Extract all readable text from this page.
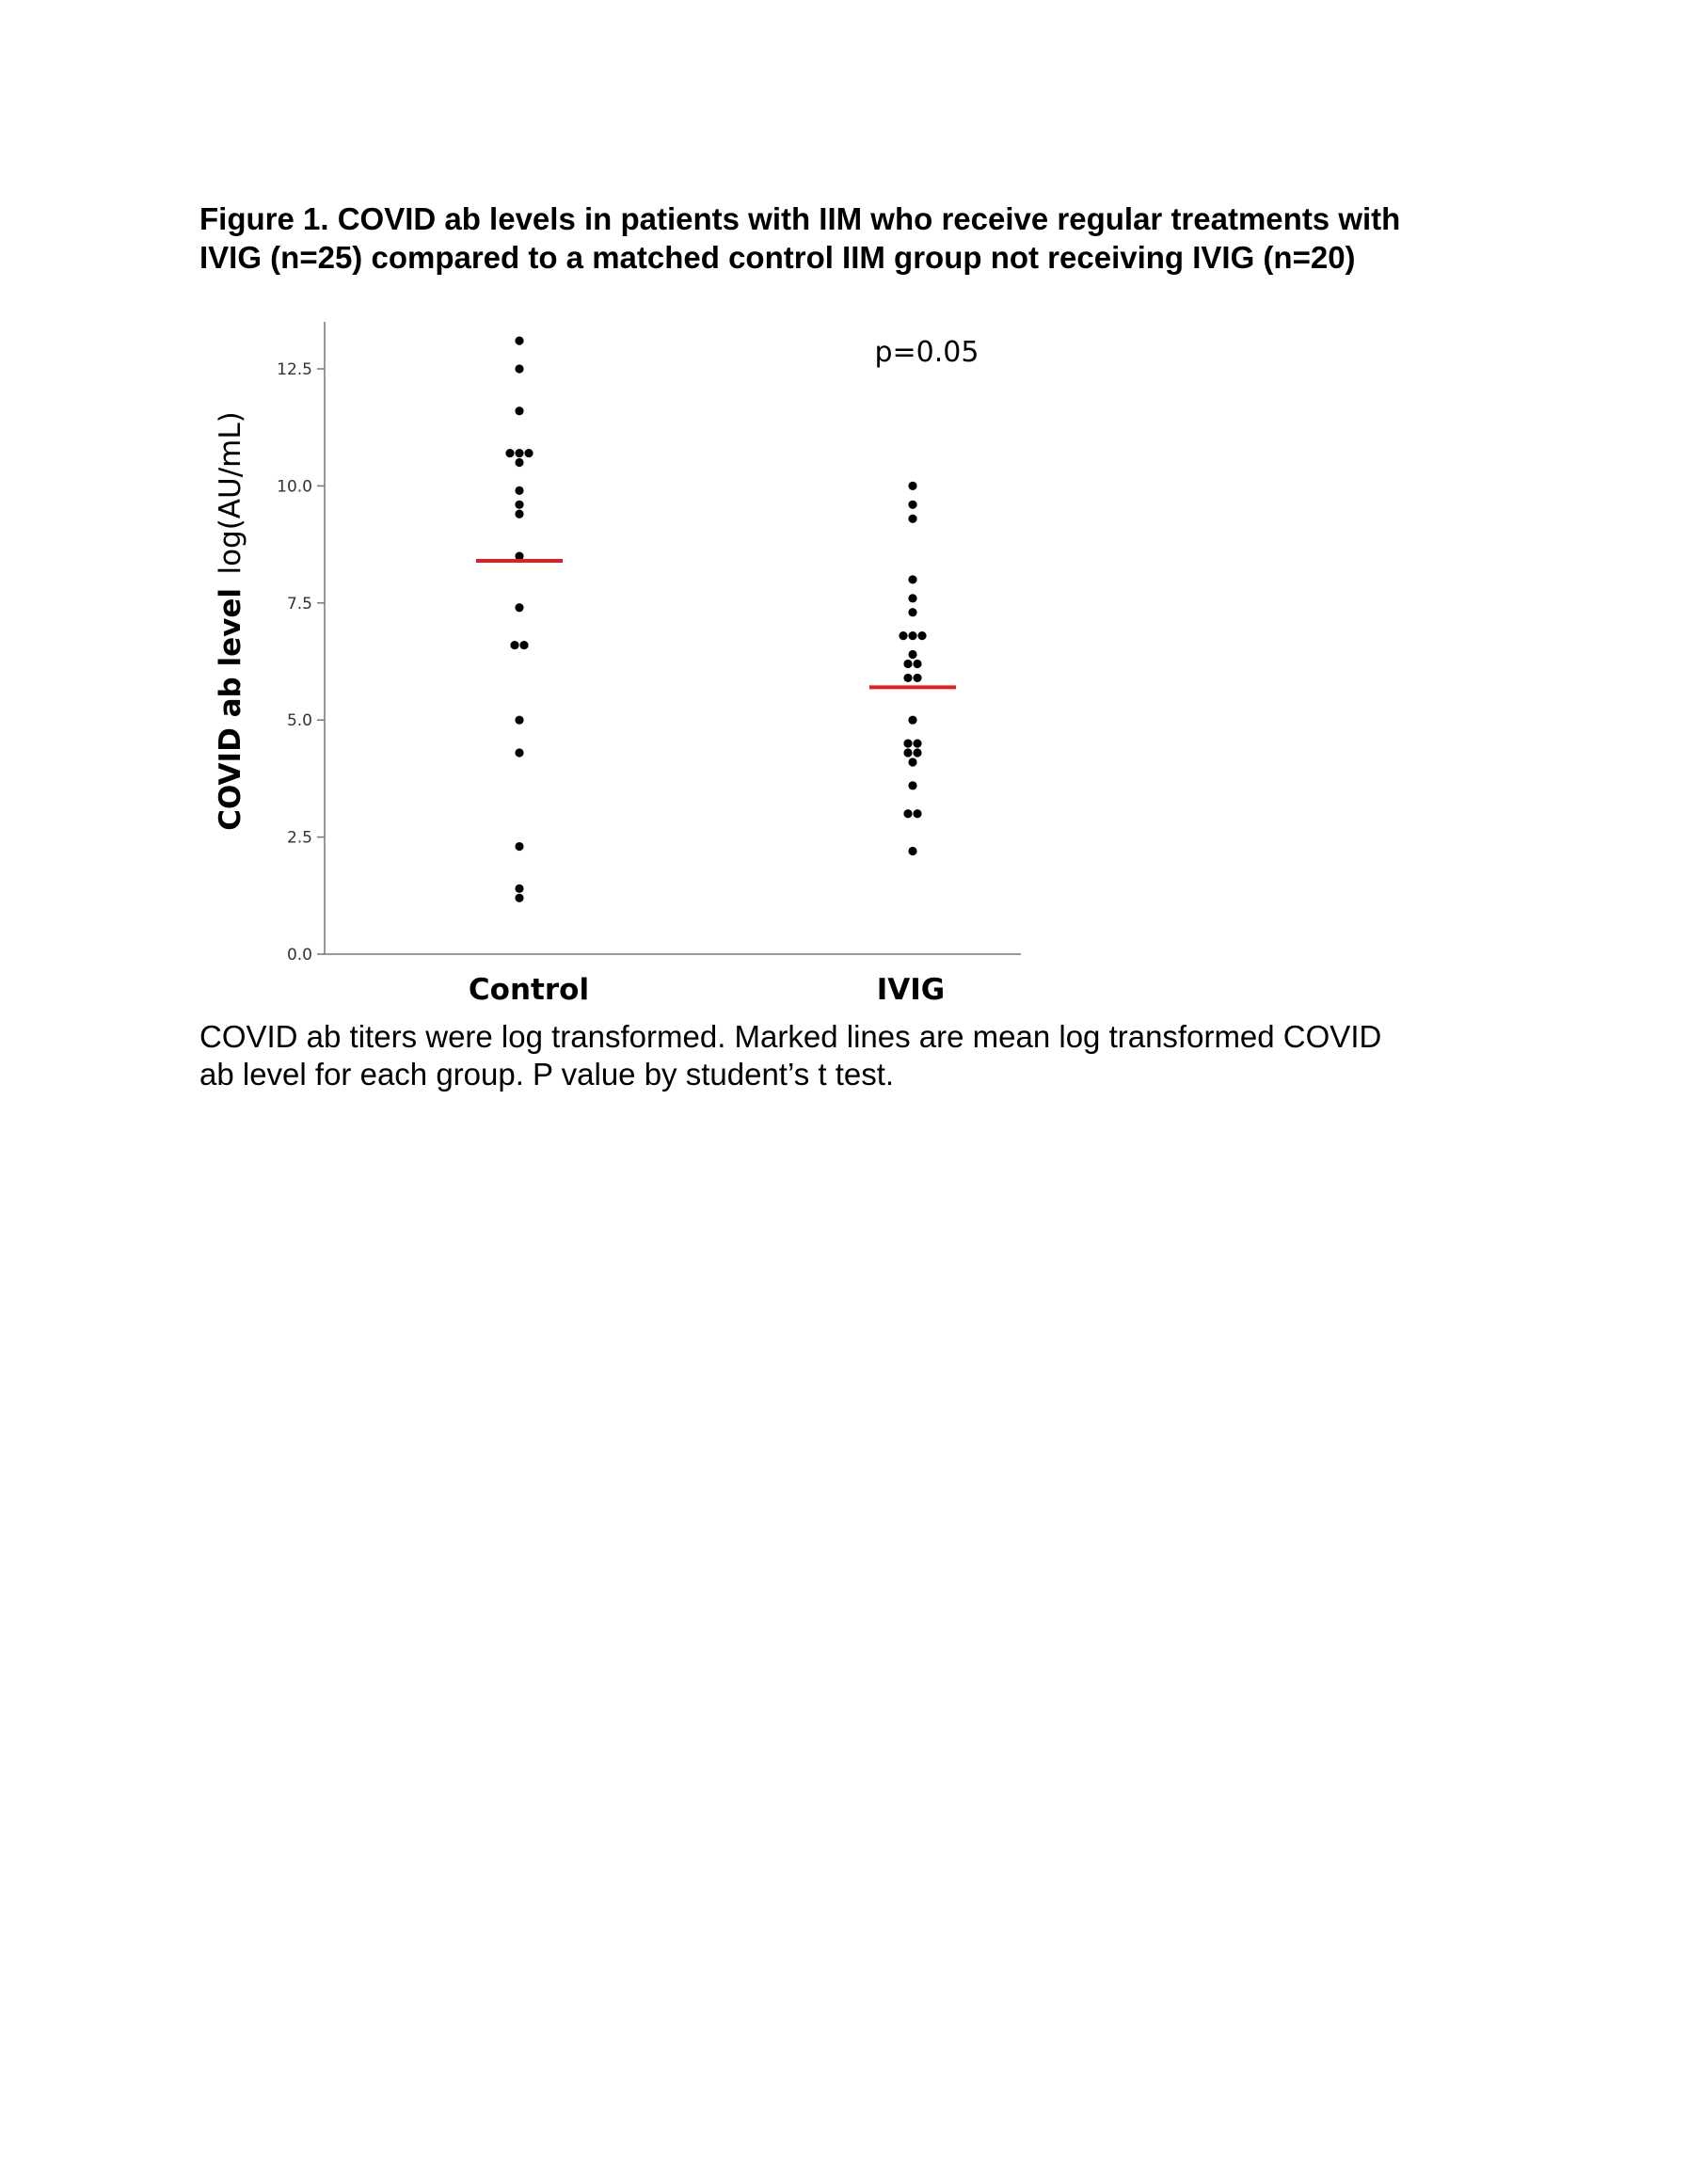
Figure 1. COVID ab levels in patients with IIM who receive regular treatments with
IVIG (n=25) compared to a matched control IIM group not receiving IVIG (n=20)
0.0
2.5
5.0
7.5
10.0
12.5
Control	IVIG
p=0.05
COVID ab level log(AU/mL)
COVID ab titers were log transformed. Marked lines are mean log transformed COVID
ab level for each group. P value by student’s t test.
